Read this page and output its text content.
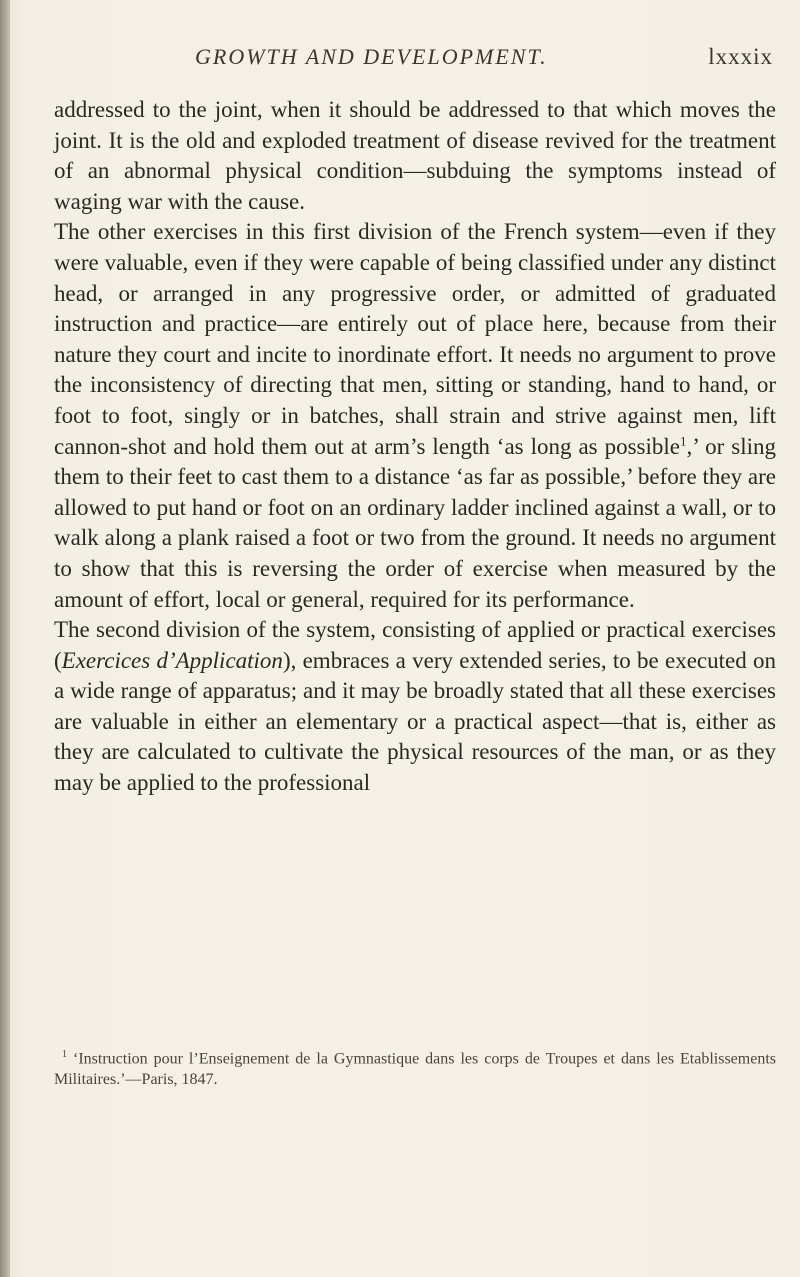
GROWTH AND DEVELOPMENT.	lxxxix

addressed to the joint, when it should be addressed to that which moves the joint. It is the old and exploded treatment of disease revived for the treatment of an abnormal physical condition—subduing the symptoms instead of waging war with the cause.

The other exercises in this first division of the French system—even if they were valuable, even if they were capable of being classified under any distinct head, or arranged in any progressive order, or admitted of graduated instruction and practice—are entirely out of place here, because from their nature they court and incite to inordinate effort. It needs no argument to prove the inconsistency of directing that men, sitting or standing, hand to hand, or foot to foot, singly or in batches, shall strain and strive against men, lift cannon-shot and hold them out at arm’s length ‘as long as possible$^1$,’ or sling them to their feet to cast them to a distance ‘as far as possible,’ before they are allowed to put hand or foot on an ordinary ladder inclined against a wall, or to walk along a plank raised a foot or two from the ground. It needs no argument to show that this is reversing the order of exercise when measured by the amount of effort, local or general, required for its performance.

The second division of the system, consisting of applied or practical exercises (Exercices d’Application), embraces a very extended series, to be executed on a wide range of apparatus; and it may be broadly stated that all these exercises are valuable in either an elementary or a practical aspect—that is, either as they are calculated to cultivate the physical resources of the man, or as they may be applied to the professional

$^1$ ‘Instruction pour l’Enseignement de la Gymnastique dans les corps de Troupes et dans les Etablissements Militaires.’—Paris, 1847.
